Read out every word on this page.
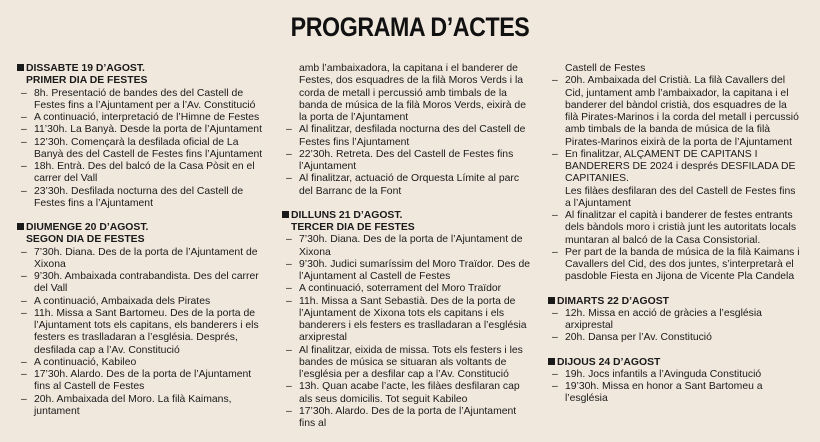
PROGRAMA D’ACTES
DISSABTE 19 D’AGOST.
PRIMER DIA DE FESTES
– 8h. Presentació de bandes des del Castell de Festes fins a l’Ajuntament per a l’Av. Constitució
– A continuació, interpretació de l’Himne de Festes
– 11’30h. La Banyà. Desde la porta de l’Ajuntament
– 12’30h. Començarà la desfilada oficial de La Banyà des del Castell de Festes fins l’Ajuntament
– 18h. Entrà. Des del balcó de la Casa Pòsit en el carrer del Vall
– 23’30h. Desfilada nocturna des del Castell de Festes fins a l’Ajuntament
DIUMENGE 20 D’AGOST.
SEGON DIA DE FESTES
– 7’30h. Diana. Des de la porta de l’Ajuntament de Xixona
– 9’30h. Ambaixada contrabandista. Des del carrer del Vall
– A continuació, Ambaixada dels Pirates
– 11h. Missa a Sant Bartomeu. Des de la porta de l’Ajuntament tots els capitans, els banderers i els festers es traslladaran a l’església. Després, desfilada cap a l’Av. Constitució
– A continuació, Kabileo
– 17’30h. Alardo. Des de la porta de l’Ajuntament fins al Castell de Festes
– 20h. Ambaixada del Moro. La filà Kaimans, juntament
amb l’ambaixadora, la capitana i el banderer de Festes, dos esquadres de la filà Moros Verds i la corda de metall i percussió amb timbals de la banda de música de la filà Moros Verds, eixirà de la porta de l’Ajuntament
– Al finalitzar, desfilada nocturna des del Castell de Festes fins l’Ajuntament
– 22’30h. Retreta. Des del Castell de Festes fins l’Ajuntament
– Al finalitzar, actuació de Orquesta Límite al parc del Barranc de la Font
DILLUNS 21 D’AGOST.
TERCER DIA DE FESTES
– 7’30h. Diana. Des de la porta de l’Ajuntament de Xixona
– 9’30h. Judici sumaríssim del Moro Traïdor. Des de l’Ajuntament al Castell de Festes
– A continuació, soterrament del Moro Traïdor
– 11h. Missa a Sant Sebastià. Des de la porta de l’Ajuntament de Xixona tots els capitans i els banderers i els festers es traslladaran a l’església arxiprestal
– Al finalitzar, eixida de missa. Tots els festers i les bandes de música se situaran als voltants de l’església per a desfilar cap a l’Av. Constitució
– 13h. Quan acabe l’acte, les filàes desfilaran cap als seus domicilis. Tot seguit Kabileo
– 17’30h. Alardo. Des de la porta de l’Ajuntament fins al
Castell de Festes
– 20h. Ambaixada del Cristià. La filà Cavallers del Cid, juntament amb l’ambaixador, la capitana i el banderer del bàndol cristià, dos esquadres de la filà Pirates-Marinos i la corda del metall i percussió amb timbals de la banda de música de la filà Pirates-Marinos eixirà de la porta de l’Ajuntament
– En finalitzar, ALÇAMENT DE CAPITANS I BANDERERS DE 2024 i després DESFILADA DE CAPITANIES.
Les filàes desfilaran des del Castell de Festes fins a l’Ajuntament
– Al finalitzar el capità i banderer de festes entrants dels bàndols moro i cristià junt les autoritats locals muntaran al balcó de la Casa Consistorial.
– Per part de la banda de música de la filà Kaimans i Cavallers del Cid, des dos juntes, s’interpretarà el pasdoble Fiesta en Jijona de Vicente Pla Candela
DIMARTS 22 D’AGOST
– 12h. Missa en acció de gràcies a l’església arxiprestal
– 20h. Dansa per l’Av. Constitució
DIJOUS 24 D’AGOST
– 19h. Jocs infantils a l’Avinguda Constitució
– 19’30h. Missa en honor a Sant Bartomeu a l’església
